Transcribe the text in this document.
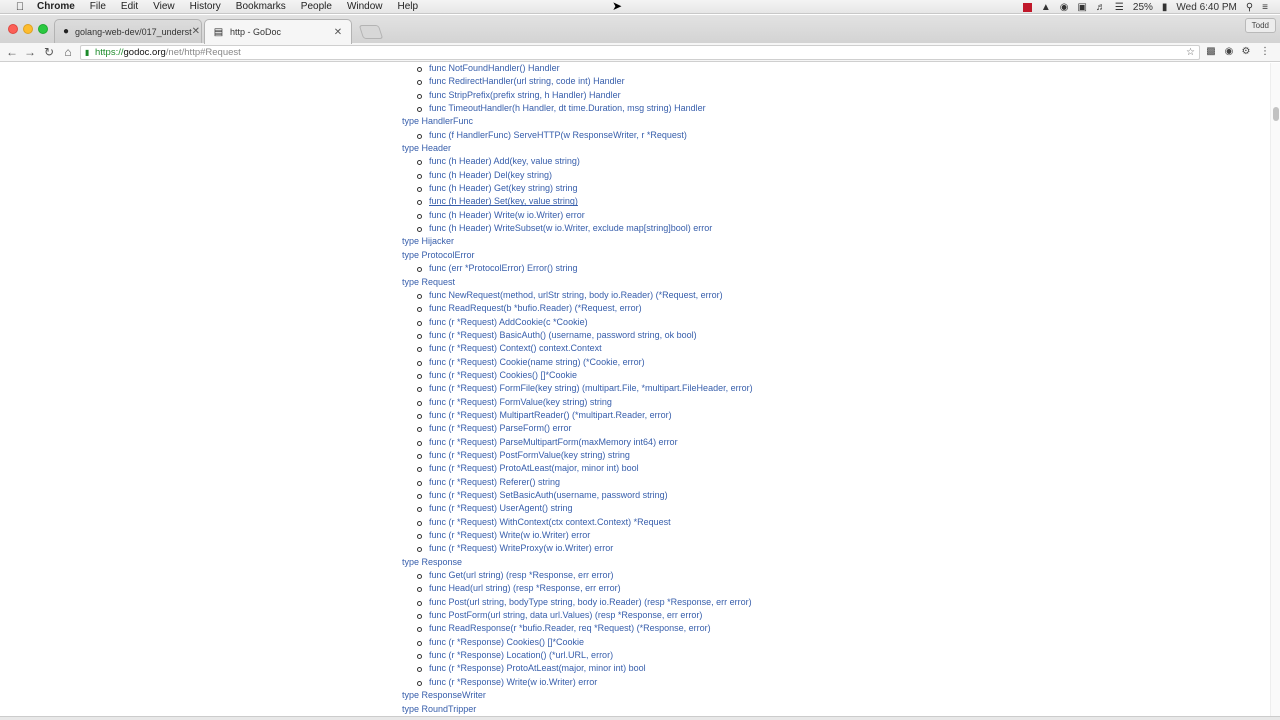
Chrome File Edit View History Bookmarks People Window Help	▲ ◉ ▣ ♬ ☰ 25% ▮ Wed 6:40 PM ⚲ ≡
● golang-web-dev/017_underst ✕ ▤ http - GoDoc	✕
Todd
← → ↻ ⌂	▮ https://godoc.org/net/http#Request	☆ ▩ ◉ ⚙ ⋮
func NotFoundHandler() Handler
func RedirectHandler(url string, code int) Handler
func StripPrefix(prefix string, h Handler) Handler
func TimeoutHandler(h Handler, dt time.Duration, msg string) Handler
type HandlerFunc
func (f HandlerFunc) ServeHTTP(w ResponseWriter, r *Request)
type Header
func (h Header) Add(key, value string)
func (h Header) Del(key string)
func (h Header) Get(key string) string
func (h Header) Set(key, value string)
func (h Header) Write(w io.Writer) error
func (h Header) WriteSubset(w io.Writer, exclude map[string]bool) error
type Hijacker
type ProtocolError
func (err *ProtocolError) Error() string
type Request
func NewRequest(method, urlStr string, body io.Reader) (*Request, error)
func ReadRequest(b *bufio.Reader) (*Request, error)
func (r *Request) AddCookie(c *Cookie)
func (r *Request) BasicAuth() (username, password string, ok bool)
func (r *Request) Context() context.Context
func (r *Request) Cookie(name string) (*Cookie, error)
func (r *Request) Cookies() []*Cookie
func (r *Request) FormFile(key string) (multipart.File, *multipart.FileHeader, error)
func (r *Request) FormValue(key string) string
func (r *Request) MultipartReader() (*multipart.Reader, error)
func (r *Request) ParseForm() error
func (r *Request) ParseMultipartForm(maxMemory int64) error
func (r *Request) PostFormValue(key string) string
func (r *Request) ProtoAtLeast(major, minor int) bool
func (r *Request) Referer() string
func (r *Request) SetBasicAuth(username, password string)
func (r *Request) UserAgent() string
func (r *Request) WithContext(ctx context.Context) *Request
func (r *Request) Write(w io.Writer) error
func (r *Request) WriteProxy(w io.Writer) error
type Response
func Get(url string) (resp *Response, err error)
func Head(url string) (resp *Response, err error)
func Post(url string, bodyType string, body io.Reader) (resp *Response, err error)
func PostForm(url string, data url.Values) (resp *Response, err error)
func ReadResponse(r *bufio.Reader, req *Request) (*Response, error)
func (r *Response) Cookies() []*Cookie
func (r *Response) Location() (*url.URL, error)
func (r *Response) ProtoAtLeast(major, minor int) bool
func (r *Response) Write(w io.Writer) error
type ResponseWriter
type RoundTripper
➤
